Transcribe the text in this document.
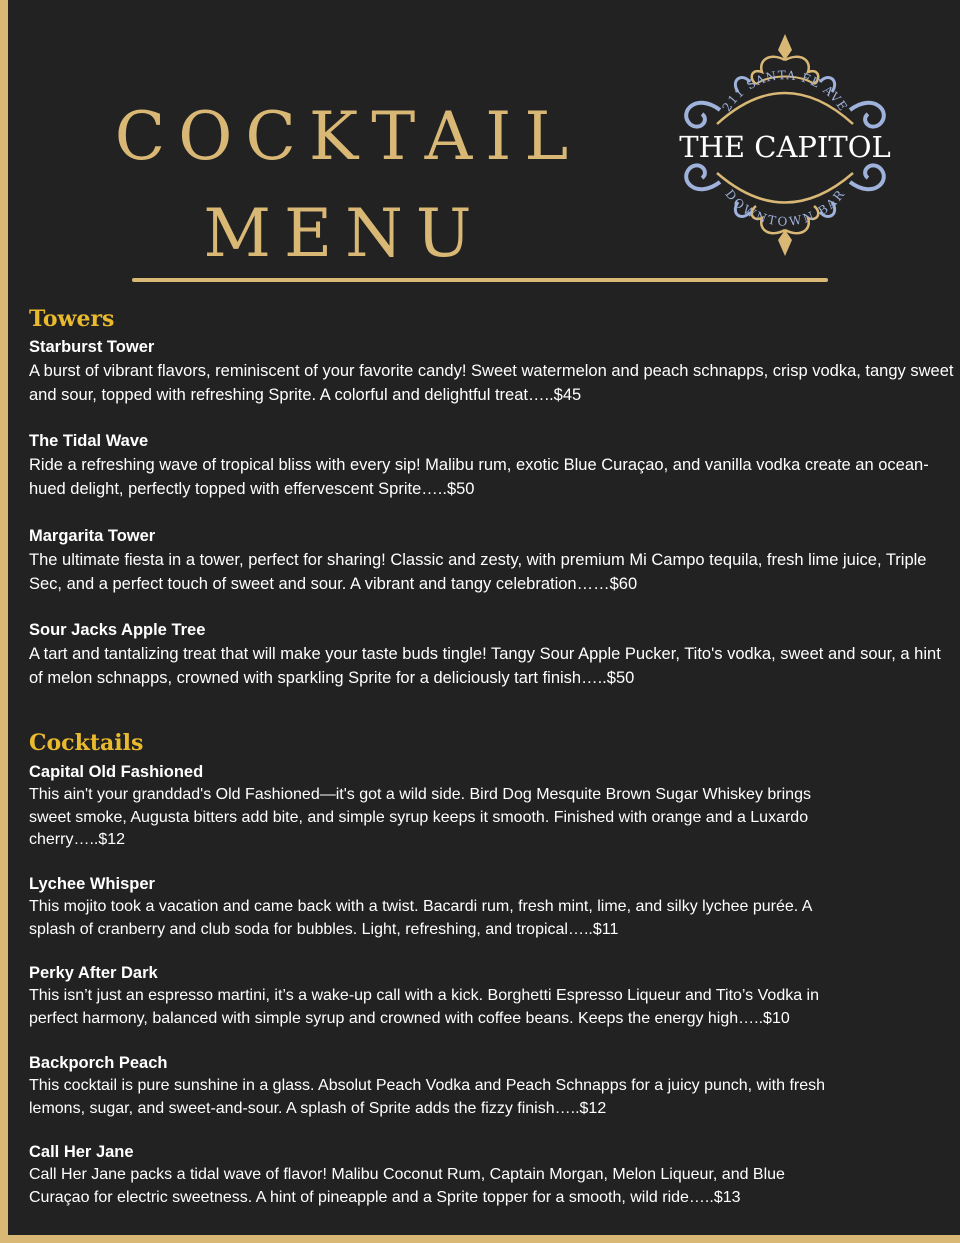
COCKTAIL
MENU
211 SANTA FE AVE
DOWNTOWN BAR
THE CAPITOL
Towers
Starburst Tower
A burst of vibrant flavors, reminiscent of your favorite candy! Sweet watermelon and peach schnapps, crisp vodka, tangy sweet and sour, topped with refreshing Sprite. A colorful and delightful treat…..$45
The Tidal Wave
Ride a refreshing wave of tropical bliss with every sip! Malibu rum, exotic Blue Curaçao, and vanilla vodka create an ocean-hued delight, perfectly topped with effervescent Sprite…..$50
Margarita Tower
The ultimate fiesta in a tower, perfect for sharing! Classic and zesty, with premium Mi Campo tequila, fresh lime juice, Triple Sec, and a perfect touch of sweet and sour. A vibrant and tangy celebration……$60
Sour Jacks Apple Tree
A tart and tantalizing treat that will make your taste buds tingle! Tangy Sour Apple Pucker, Tito's vodka, sweet and sour, a hint of melon schnapps, crowned with sparkling Sprite for a deliciously tart finish…..$50
Cocktails
Capital Old Fashioned
This ain't your granddad's Old Fashioned—it's got a wild side. Bird Dog Mesquite Brown Sugar Whiskey brings sweet smoke, Augusta bitters add bite, and simple syrup keeps it smooth. Finished with orange and a Luxardo cherry…..$12
Lychee Whisper
This mojito took a vacation and came back with a twist. Bacardi rum, fresh mint, lime, and silky lychee purée. A splash of cranberry and club soda for bubbles. Light, refreshing, and tropical…..$11
Perky After Dark
This isn’t just an espresso martini, it’s a wake-up call with a kick. Borghetti Espresso Liqueur and Tito’s Vodka in perfect harmony, balanced with simple syrup and crowned with coffee beans. Keeps the energy high…..$10
Backporch Peach
This cocktail is pure sunshine in a glass. Absolut Peach Vodka and Peach Schnapps for a juicy punch, with fresh lemons, sugar, and sweet-and-sour. A splash of Sprite adds the fizzy finish…..$12
Call Her Jane
Call Her Jane packs a tidal wave of flavor! Malibu Coconut Rum, Captain Morgan, Melon Liqueur, and Blue Curaçao for electric sweetness. A hint of pineapple and a Sprite topper for a smooth, wild ride…..$13
